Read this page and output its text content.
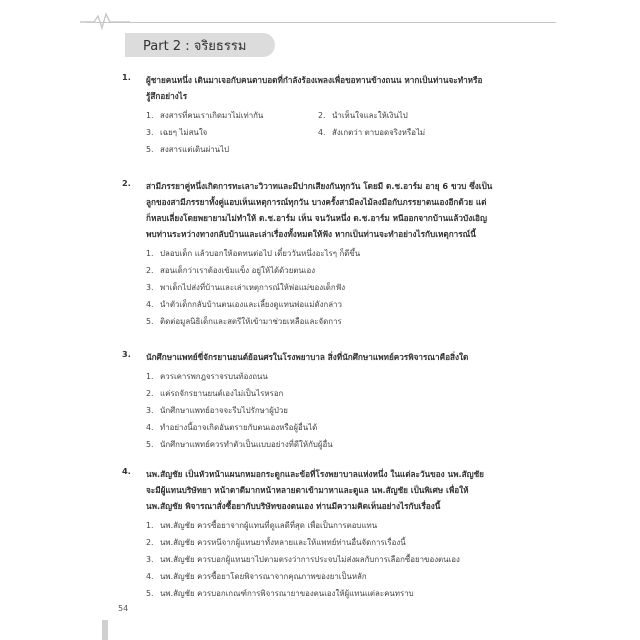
Part 2 : จริยธรรม
1. ผู้ชายคนหนึ่ง เดินมาเจอกับคนตาบอดที่กำลังร้องเพลงเพื่อขอทานข้างถนน หากเป็นท่านจะทำหรือ
รู้สึกอย่างไร
1. สงสารที่คนเราเกิดมาไม่เท่ากัน	2. นำเห็นใจและให้เงินไป
3. เฉยๆ ไม่สนใจ	4. สังเกตว่า ตาบอดจริงหรือไม่
5. สงสารแต่เดินผ่านไป
2. สามีภรรยาคู่หนึ่งเกิดการทะเลาะวิวาทและมีปากเสียงกันทุกวัน โดยมี ด.ช.อาร์ม อายุ 6 ขวบ ซึ่งเป็น
ลูกของสามีภรรยาทั้งคู่แอบเห็นเหตุการณ์ทุกวัน บางครั้งสามีลงไม้ลงมือกับภรรยาตนเองอีกด้วย แต่
ก็หลบเลี่ยงโดยพยายามไม่ทำให้ ด.ช.อาร์ม เห็น จนวันหนึ่ง ด.ช.อาร์ม หนีออกจากบ้านแล้วบังเอิญ
พบท่านระหว่างทางกลับบ้านและเล่าเรื่องทั้งหมดให้ฟัง หากเป็นท่านจะทำอย่างไรกับเหตุการณ์นี้
1. ปลอบเด็ก แล้วบอกให้อดทนต่อไป เดี๋ยววันหนึ่งอะไรๆ ก็ดีขึ้น
2. สอนเด็กว่าเราต้องเข้มแข็ง อยู่ให้ได้ด้วยตนเอง
3. พาเด็กไปส่งที่บ้านและเล่าเหตุการณ์ให้พ่อแม่ของเด็กฟัง
4. นำตัวเด็กกลับบ้านตนเองและเลี้ยงดูแทนพ่อแม่ดังกล่าว
5. ติดต่อมูลนิธิเด็กและสตรีให้เข้ามาช่วยเหลือและจัดการ
3. นักศึกษาแพทย์ขี่จักรยานยนต์ย้อนศรในโรงพยาบาล สิ่งที่นักศึกษาแพทย์ควรพิจารณาคือสิ่งใด
1. ควรเคารพกฎจราจรบนท้องถนน
2. แค่รถจักรยานยนต์เองไม่เป็นไรหรอก
3. นักศึกษาแพทย์อาจจะรีบไปรักษาผู้ป่วย
4. ทำอย่างนี้อาจเกิดอันตรายกับตนเองหรือผู้อื่นได้
5. นักศึกษาแพทย์ควรทำตัวเป็นแบบอย่างที่ดีให้กับผู้อื่น
4. นพ.สัญชัย เป็นหัวหน้าแผนกหมอกระดูกและข้อที่โรงพยาบาลแห่งหนึ่ง ในแต่ละวันของ นพ.สัญชัย
จะมีผู้แทนบริษัทยา หน้าตาดีมากหน้าหลายตาเข้ามาหาและดูแล นพ.สัญชัย เป็นพิเศษ เพื่อให้
นพ.สัญชัย พิจารณาสั่งซื้อยากับบริษัทของตนเอง ท่านมีความคิดเห็นอย่างไรกับเรื่องนี้
1. นพ.สัญชัย ควรซื้อยาจากผู้แทนที่ดูแลดีที่สุด เพื่อเป็นการตอบแทน
2. นพ.สัญชัย ควรหนีจากผู้แทนยาทั้งหลายและให้แพทย์ท่านอื่นจัดการเรื่องนี้
3. นพ.สัญชัย ควรบอกผู้แทนยาไปตามตรงว่าการประจบไม่ส่งผลกับการเลือกซื้อยาของตนเอง
4. นพ.สัญชัย ควรซื้อยาโดยพิจารณาจากคุณภาพของยาเป็นหลัก
5. นพ.สัญชัย ควรบอกเกณฑ์การพิจารณายาของตนเองให้ผู้แทนแต่ละคนทราบ
54
